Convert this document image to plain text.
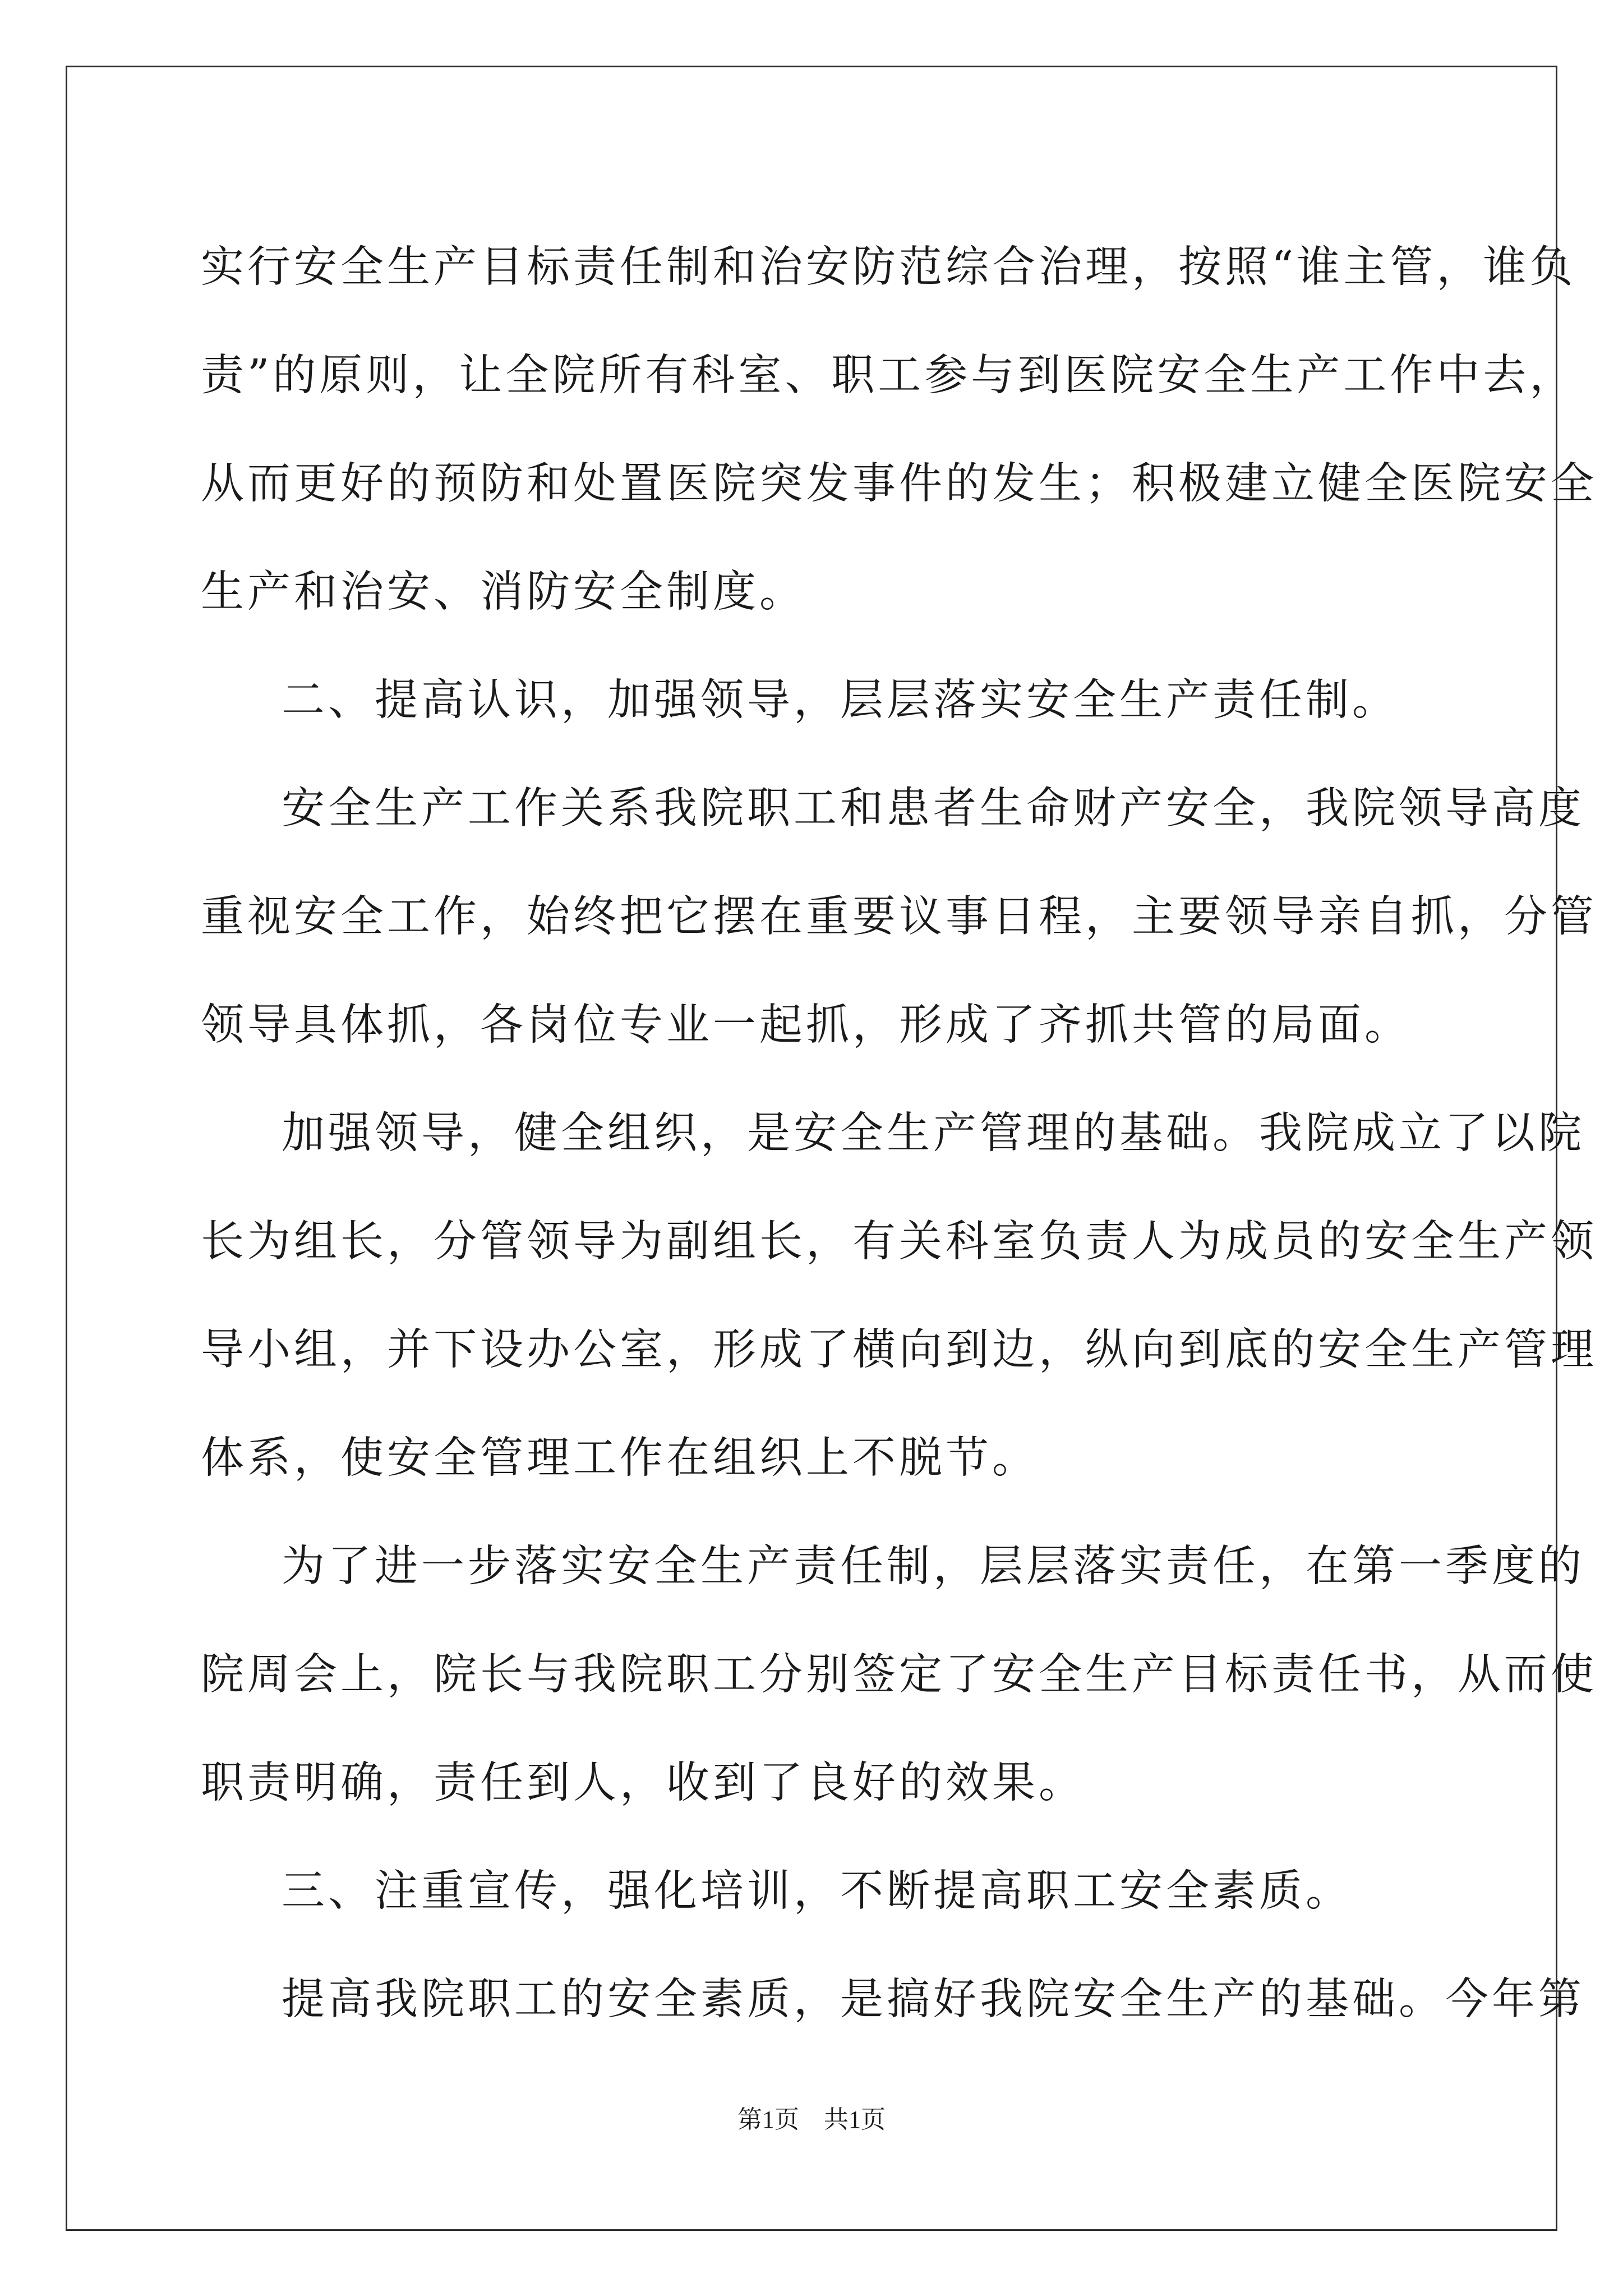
实行安全生产目标责任制和治安防范综合治理，按照“谁主管，谁负
责”的原则，让全院所有科室、职工参与到医院安全生产工作中去，
从而更好的预防和处置医院突发事件的发生；积极建立健全医院安全
生产和治安、消防安全制度。
二、提高认识，加强领导，层层落实安全生产责任制。
安全生产工作关系我院职工和患者生命财产安全，我院领导高度
重视安全工作，始终把它摆在重要议事日程，主要领导亲自抓，分管
领导具体抓，各岗位专业一起抓，形成了齐抓共管的局面。
加强领导，健全组织，是安全生产管理的基础。我院成立了以院
长为组长，分管领导为副组长，有关科室负责人为成员的安全生产领
导小组，并下设办公室，形成了横向到边，纵向到底的安全生产管理
体系，使安全管理工作在组织上不脱节。
为了进一步落实安全生产责任制，层层落实责任，在第一季度的
院周会上，院长与我院职工分别签定了安全生产目标责任书，从而使
职责明确，责任到人，收到了良好的效果。
三、注重宣传，强化培训，不断提高职工安全素质。
提高我院职工的安全素质，是搞好我院安全生产的基础。今年第
第1页　共1页
